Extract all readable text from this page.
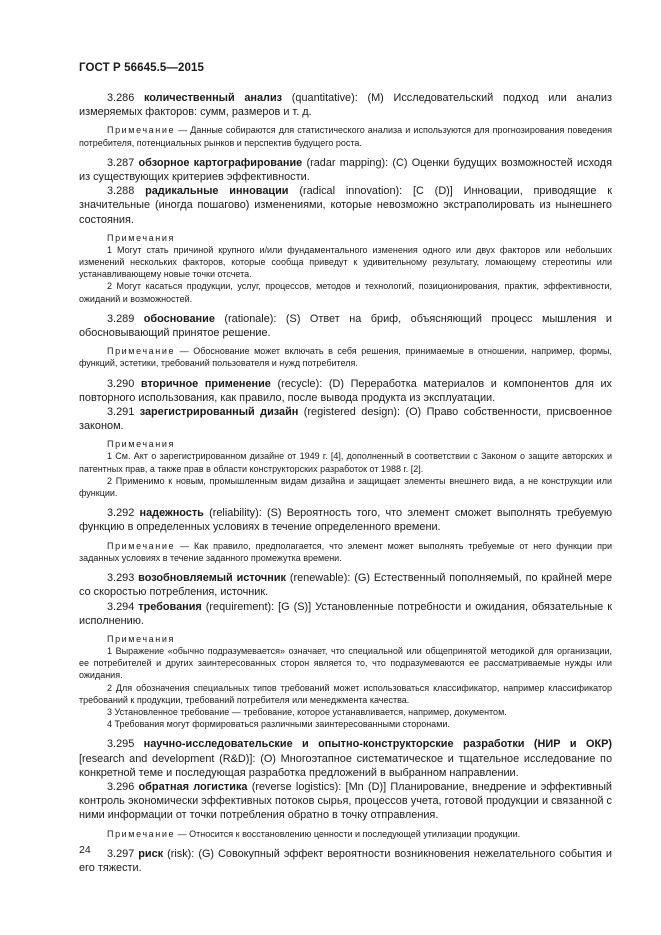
ГОСТ Р 56645.5—2015

3.286 количественный анализ (quantitative): (M) Исследовательский подход или анализ измеряемых факторов: сумм, размеров и т. д.

Примечание — Данные собираются для статистического анализа и используются для прогнозирования поведения потребителя, потенциальных рынков и перспектив будущего роста.

3.287 обзорное картографирование (radar mapping): (C) Оценки будущих возможностей исходя из существующих критериев эффективности.

3.288 радикальные инновации (radical innovation): [C (D)] Инновации, приводящие к значительные (иногда пошагово) изменениями, которые невозможно экстраполировать из нынешнего состояния.

Примечания

1 Могут стать причиной крупного и/или фундаментального изменения одного или двух факторов или небольших изменений нескольких факторов, которые сообща приведут к удивительному результату, ломающему стереотипы или устанавливающему новые точки отсчета.

2 Могут касаться продукции, услуг, процессов, методов и технологий, позиционирования, практик, эффективности, ожиданий и возможностей.

3.289 обоснование (rationale): (S) Ответ на бриф, объясняющий процесс мышления и обосновывающий принятое решение.

Примечание — Обоснование может включать в себя решения, принимаемые в отношении, например, формы, функций, эстетики, требований пользователя и нужд потребителя.

3.290 вторичное применение (recycle): (D) Переработка материалов и компонентов для их повторного использования, как правило, после вывода продукта из эксплуатации.

3.291 зарегистрированный дизайн (registered design): (O) Право собственности, присвоенное законом.

Примечания

1 См. Акт о зарегистрированном дизайне от 1949 г. [4], дополненный в соответствии с Законом о защите авторских и патентных прав, а также прав в области конструкторских разработок от 1988 г. [2].

2 Применимо к новым, промышленным видам дизайна и защищает элементы внешнего вида, а не конструкции или функции.

3.292 надежность (reliability): (S) Вероятность того, что элемент сможет выполнять требуемую функцию в определенных условиях в течение определенного времени.

Примечание — Как правило, предполагается, что элемент может выполнять требуемые от него функции при заданных условиях в течение заданного промежутка времени.

3.293 возобновляемый источник (renewable): (G) Естественный пополняемый, по крайней мере со скоростью потребления, источник.

3.294 требования (requirement): [G (S)] Установленные потребности и ожидания, обязательные к исполнению.

Примечания

1 Выражение «обычно подразумевается» означает, что специальной или общепринятой методикой для организации, ее потребителей и других заинтересованных сторон является то, что подразумеваются ее рассматриваемые нужды или ожидания.

2 Для обозначения специальных типов требований может использоваться классификатор, например классификатор требований к продукции, требований потребителя или менеджмента качества.

3 Установленное требование — требование, которое устанавливается, например, документом.

4 Требования могут формироваться различными заинтересованными сторонами.

3.295 научно-исследовательские и опытно-конструкторские разработки (НИР и ОКР) [research and development (R&D)]: (O) Многоэтапное систематическое и тщательное исследование по конкретной теме и последующая разработка предложений в выбранном направлении.

3.296 обратная логистика (reverse logistics): [Mn (D)] Планирование, внедрение и эффективный контроль экономически эффективных потоков сырья, процессов учета, готовой продукции и связанной с ними информации от точки потребления обратно в точку отправления.

Примечание — Относится к восстановлению ценности и последующей утилизации продукции.

3.297 риск (risk): (G) Совокупный эффект вероятности возникновения нежелательного события и его тяжести.

24
